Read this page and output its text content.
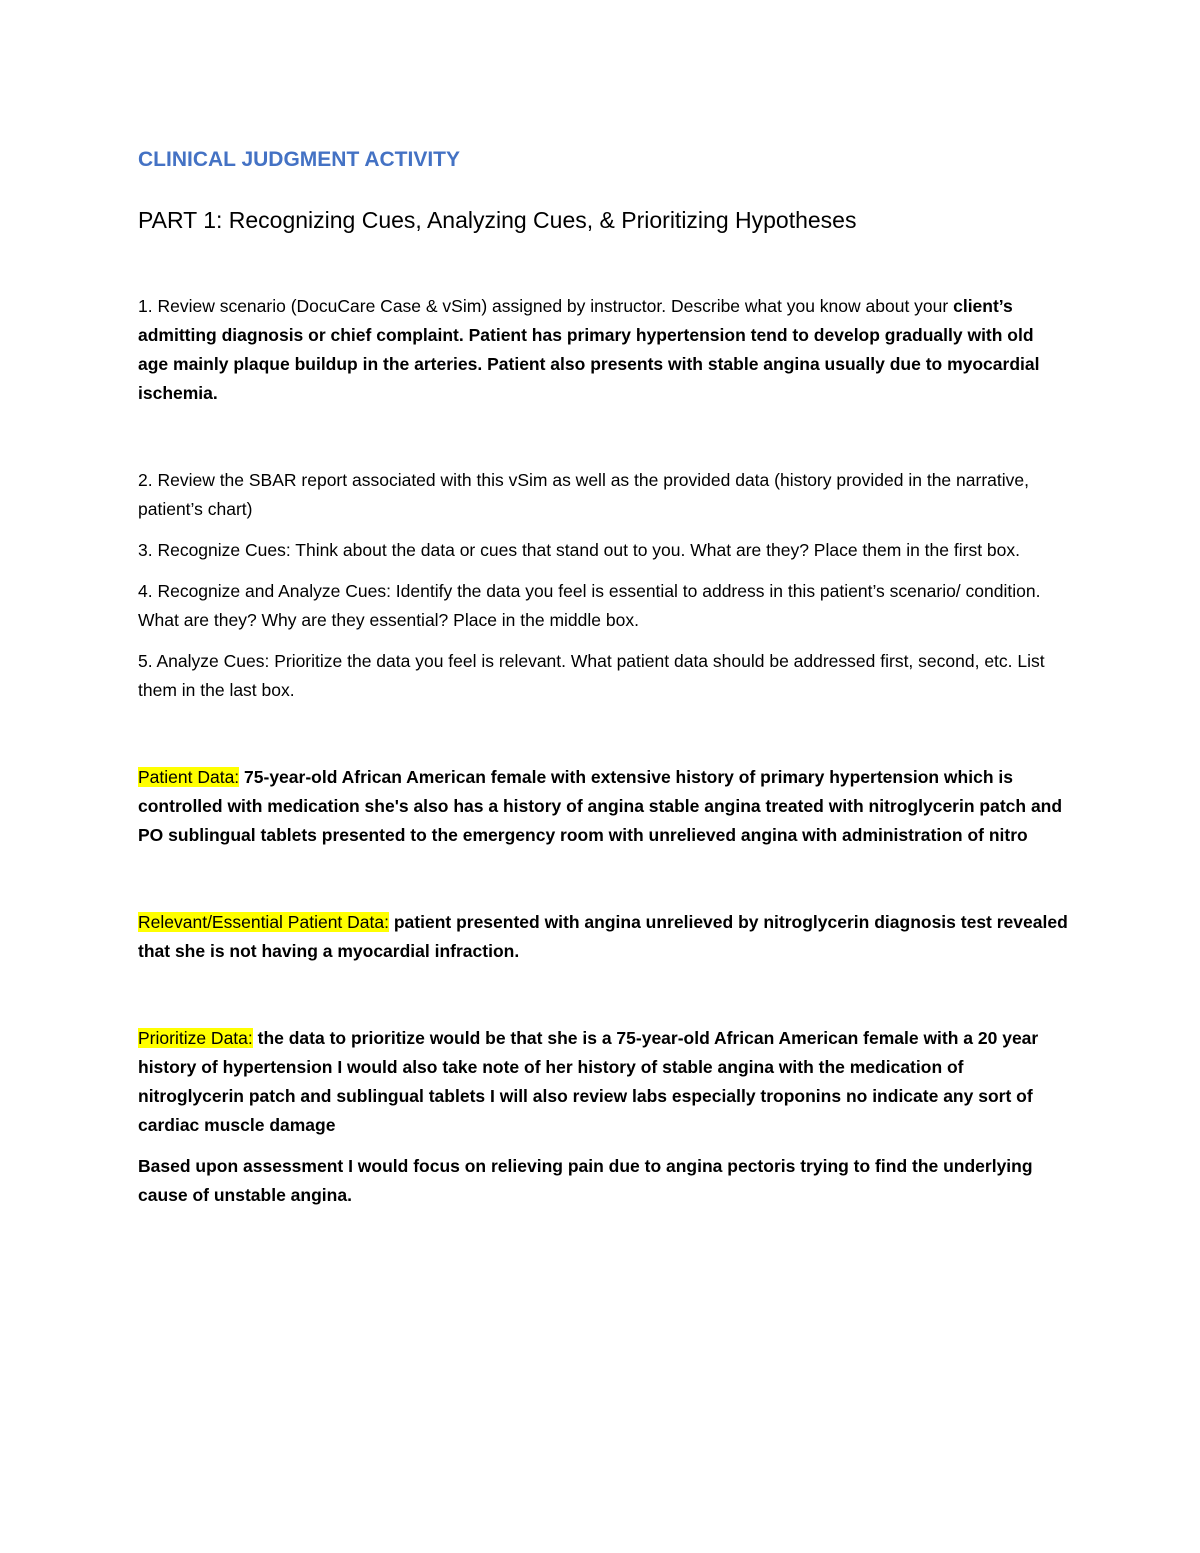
CLINICAL JUDGMENT ACTIVITY
PART 1: Recognizing Cues, Analyzing Cues, & Prioritizing Hypotheses

1. Review scenario (DocuCare Case & vSim) assigned by instructor. Describe what you know about your client’s admitting diagnosis or chief complaint. Patient has primary hypertension tend to develop gradually with old age mainly plaque buildup in the arteries. Patient also presents with stable angina usually due to myocardial ischemia.

2. Review the SBAR report associated with this vSim as well as the provided data (history provided in the narrative, patient’s chart)

3. Recognize Cues: Think about the data or cues that stand out to you. What are they? Place them in the first box.

4. Recognize and Analyze Cues: Identify the data you feel is essential to address in this patient’s scenario/ condition. What are they? Why are they essential? Place in the middle box.

5. Analyze Cues: Prioritize the data you feel is relevant. What patient data should be addressed first, second, etc. List them in the last box.

Patient Data: 75-year-old African American female with extensive history of primary hypertension which is controlled with medication she's also has a history of angina stable angina treated with nitroglycerin patch and PO sublingual tablets presented to the emergency room with unrelieved angina with administration of nitro

Relevant/Essential Patient Data: patient presented with angina unrelieved by nitroglycerin diagnosis test revealed that she is not having a myocardial infraction.

Prioritize Data: the data to prioritize would be that she is a 75-year-old African American female with a 20 year history of hypertension I would also take note of her history of stable angina with the medication of nitroglycerin patch and sublingual tablets I will also review labs especially troponins no indicate any sort of cardiac muscle damage

Based upon assessment I would focus on relieving pain due to angina pectoris trying to find the underlying cause of unstable angina.
